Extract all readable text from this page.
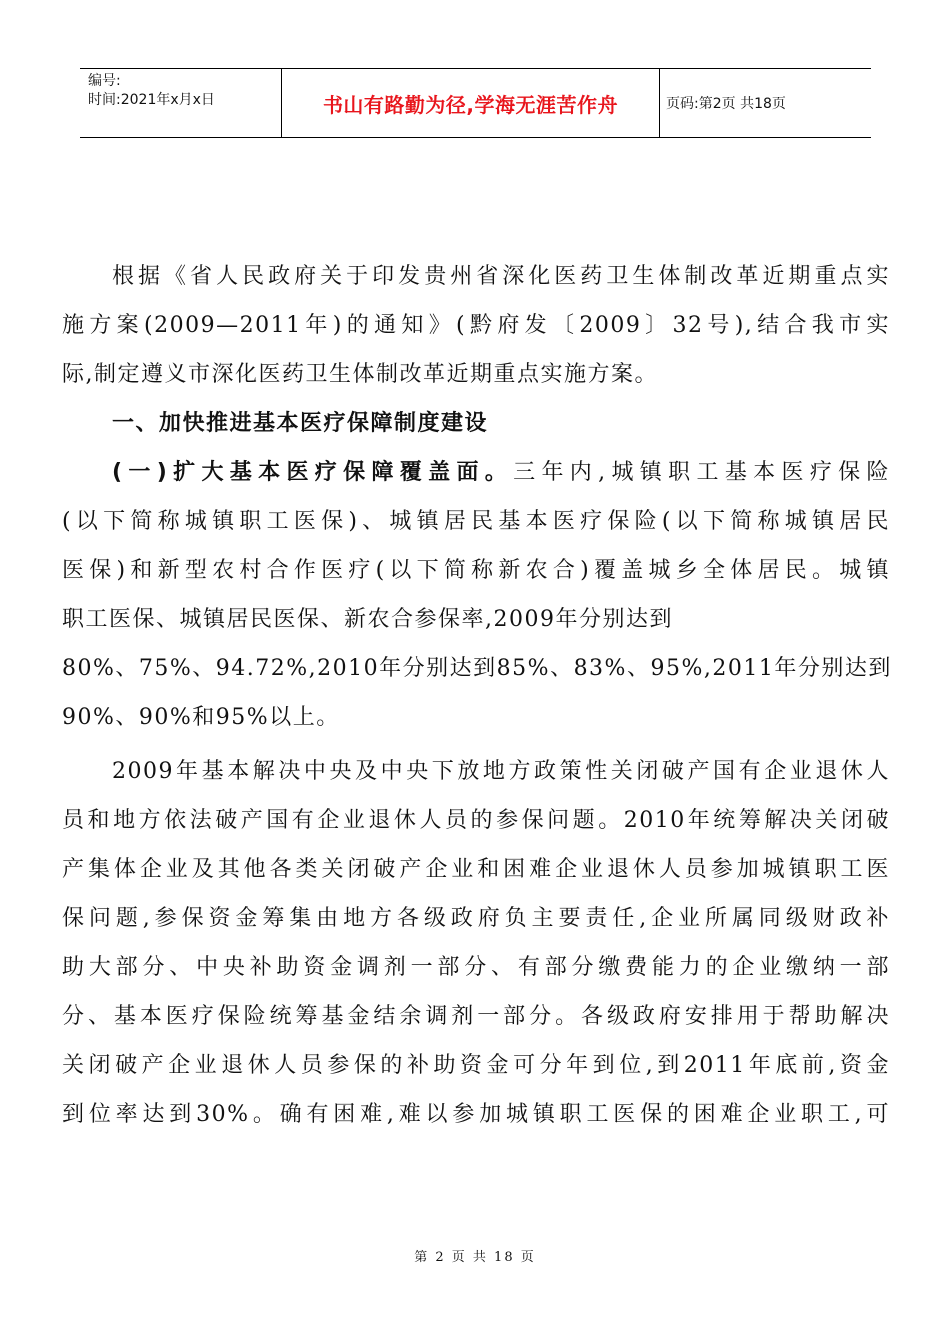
编号:
时间:2021年x月x日	书山有路勤为径,学海无涯苦作舟	页码:第2页 共18页
根据《省人民政府关于印发贵州省深化医药卫生体制改革近期重点实
施方案(2009—2011年)的通知》(黔府发〔2009〕32号),结合我市实
际,制定遵义市深化医药卫生体制改革近期重点实施方案。
一、加快推进基本医疗保障制度建设
(一)扩大基本医疗保障覆盖面。三年内,城镇职工基本医疗保险
(以下简称城镇职工医保)、城镇居民基本医疗保险(以下简称城镇居民
医保)和新型农村合作医疗(以下简称新农合)覆盖城乡全体居民。城镇
职工医保、城镇居民医保、新农合参保率,2009年分别达到
80%、75%、94.72%,2010年分别达到85%、83%、95%,2011年分别达到
90%、90%和95%以上。
2009年基本解决中央及中央下放地方政策性关闭破产国有企业退休人
员和地方依法破产国有企业退休人员的参保问题。2010年统筹解决关闭破
产集体企业及其他各类关闭破产企业和困难企业退休人员参加城镇职工医
保问题,参保资金筹集由地方各级政府负主要责任,企业所属同级财政补
助大部分、中央补助资金调剂一部分、有部分缴费能力的企业缴纳一部
分、基本医疗保险统筹基金结余调剂一部分。各级政府安排用于帮助解决
关闭破产企业退休人员参保的补助资金可分年到位,到2011年底前,资金
到位率达到30%。确有困难,难以参加城镇职工医保的困难企业职工,可
第 2 页 共 18 页
